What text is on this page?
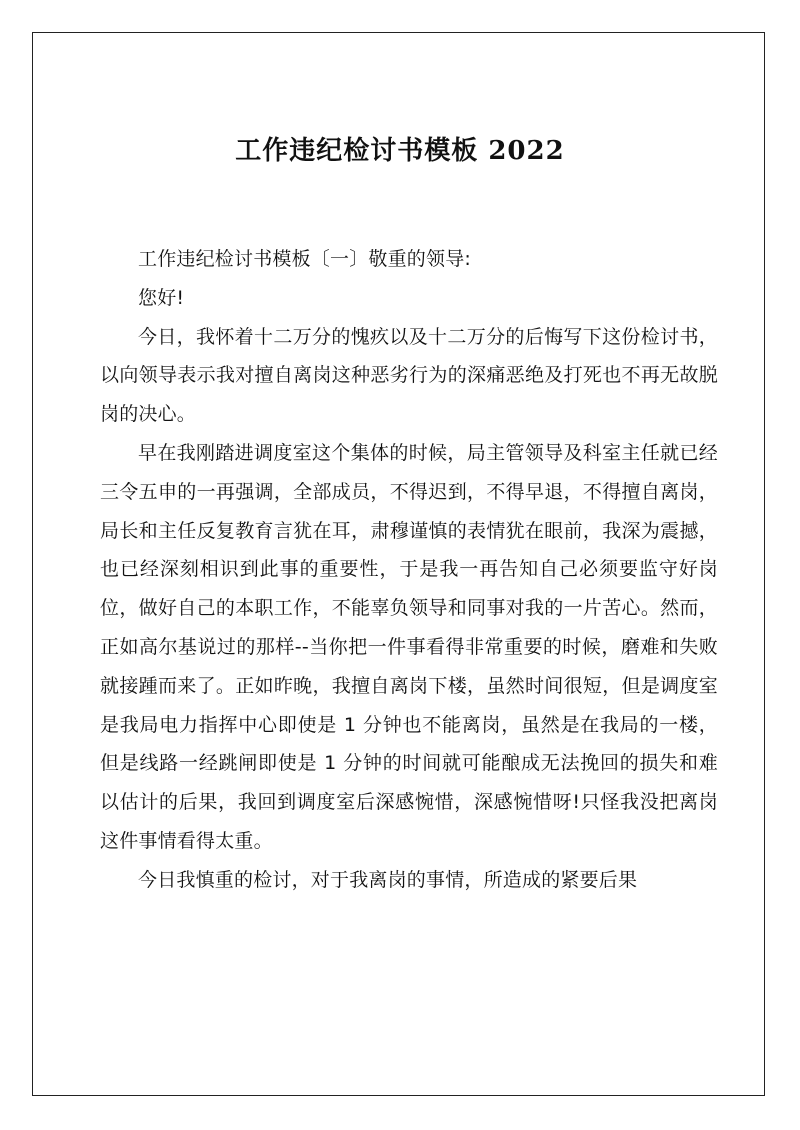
工作违纪检讨书模板 2022

工作违纪检讨书模板〔一〕敬重的领导:

您好!

今日，我怀着十二万分的愧疚以及十二万分的后悔写下这份检讨书，以向领导表示我对擅自离岗这种恶劣行为的深痛恶绝及打死也不再无故脱岗的决心。

早在我刚踏进调度室这个集体的时候，局主管领导及科室主任就已经三令五申的一再强调，全部成员，不得迟到，不得早退，不得擅自离岗，局长和主任反复教育言犹在耳，肃穆谨慎的表情犹在眼前，我深为震撼，也已经深刻相识到此事的重要性，于是我一再告知自己必须要监守好岗位，做好自己的本职工作，不能辜负领导和同事对我的一片苦心。然而，正如高尔基说过的那样--当你把一件事看得非常重要的时候，磨难和失败就接踵而来了。正如昨晚，我擅自离岗下楼，虽然时间很短，但是调度室是我局电力指挥中心即使是 1 分钟也不能离岗，虽然是在我局的一楼，但是线路一经跳闸即使是 1 分钟的时间就可能酿成无法挽回的损失和难以估计的后果，我回到调度室后深感惋惜，深感惋惜呀!只怪我没把离岗这件事情看得太重。

今日我慎重的检讨，对于我离岗的事情，所造成的紧要后果
